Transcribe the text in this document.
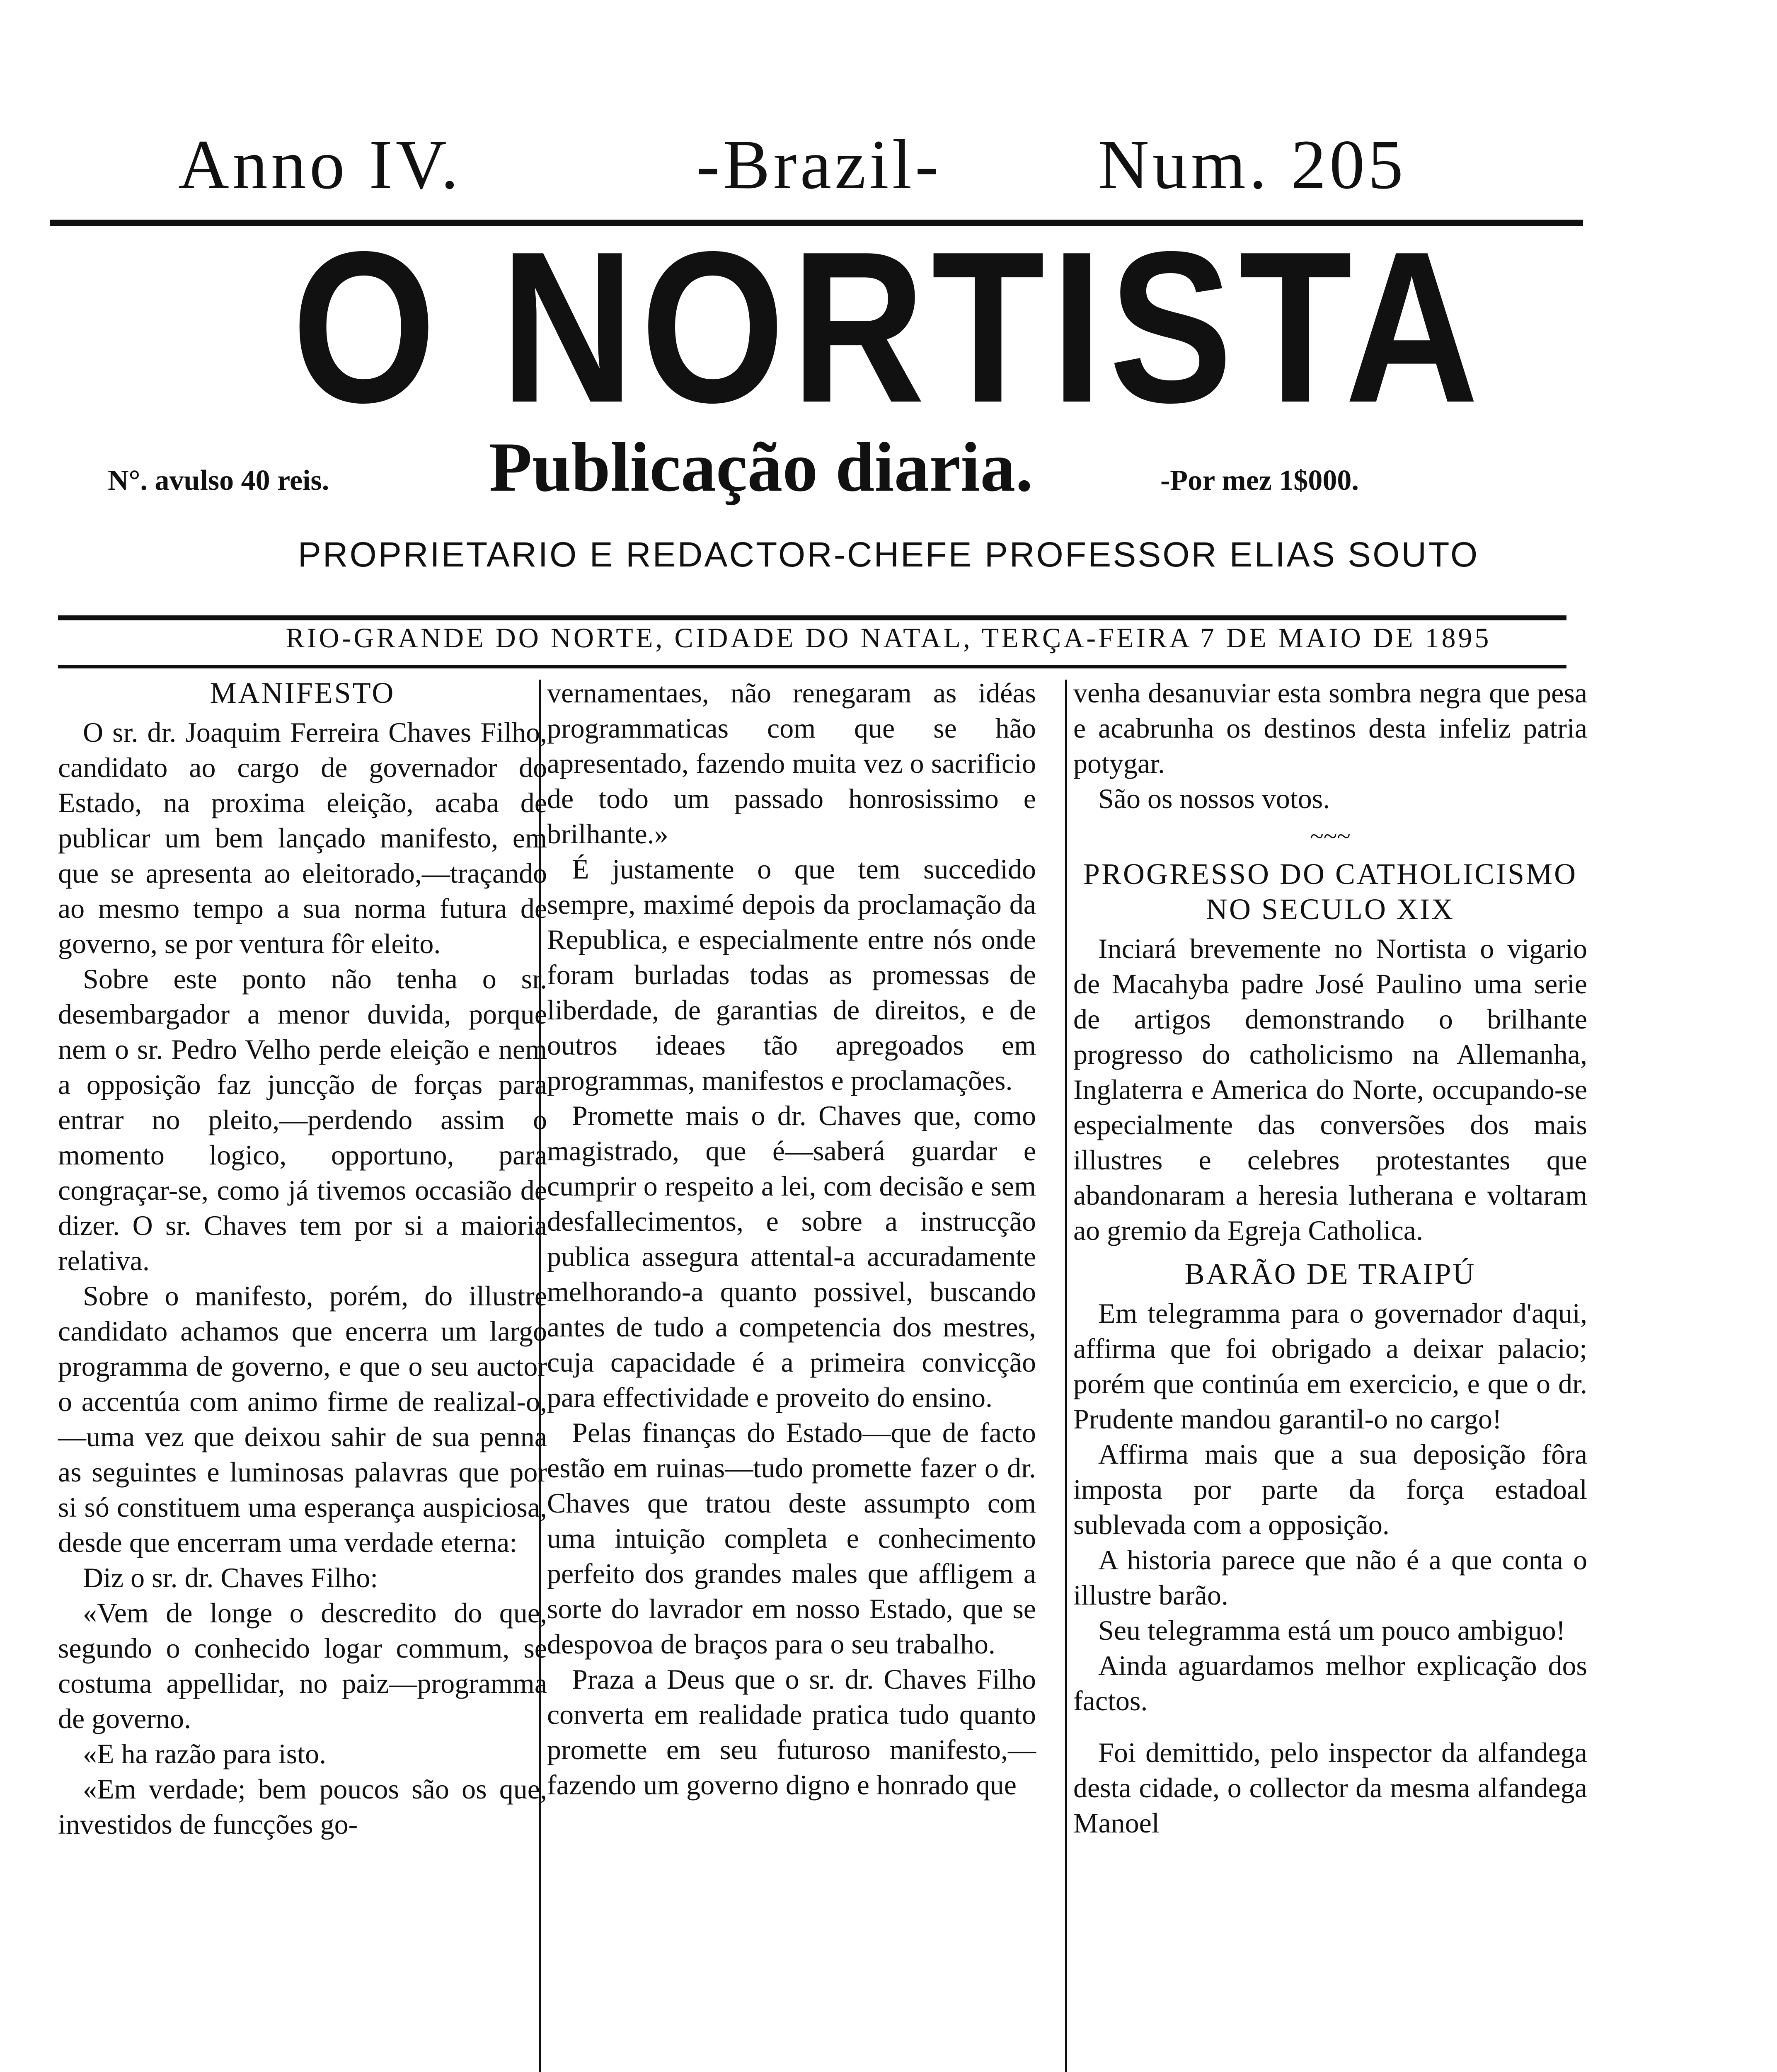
Anno IV.	-Brazil- Num. 205
O NORTISTA
N°. avulso 40 reis. Publicação diaria.	-Por mez 1$000.
PROPRIETARIO E REDACTOR-CHEFE PROFESSOR ELIAS SOUTO
RIO-GRANDE DO NORTE, CIDADE DO NATAL, TERÇA-FEIRA 7 DE MAIO DE 1895
MANIFESTO

O sr. dr. Joaquim Ferreira Chaves Filho, candidato ao cargo de governador do Estado, na proxima eleição, acaba de publicar um bem lançado manifesto, em que se apresenta ao eleitorado,—traçando ao mesmo tempo a sua norma futura de governo, se por ventura fôr eleito.

Sobre este ponto não tenha o sr. desembargador a menor duvida, porque nem o sr. Pedro Velho perde eleição e nem a opposição faz juncção de forças para entrar no pleito,—perdendo assim o momento logico, opportuno, para congraçar-se, como já tivemos occasião de dizer. O sr. Chaves tem por si a maioria relativa.

Sobre o manifesto, porém, do illustre candidato achamos que encerra um largo programma de governo, e que o seu auctor o accentúa com animo firme de realizal-o,—uma vez que deixou sahir de sua penna as seguintes e luminosas palavras que por si só constituem uma esperança auspiciosa, desde que encerram uma verdade eterna:

Diz o sr. dr. Chaves Filho:

«Vem de longe o descredito do que, segundo o conhecido logar commum, se costuma appellidar, no paiz—programma de governo.

«E ha razão para isto.

«Em verdade; bem poucos são os que, investidos de funcções go-

vernamentaes, não renegaram as idéas programmaticas com que se hão apresentado, fazendo muita vez o sacrificio de todo um passado honrosissimo e brilhante.»

É justamente o que tem succedido sempre, maximé depois da proclamação da Republica, e especialmente entre nós onde foram burladas todas as promessas de liberdade, de garantias de direitos, e de outros ideaes tão apregoados em programmas, manifestos e proclamações.

Promette mais o dr. Chaves que, como magistrado, que é—saberá guardar e cumprir o respeito a lei, com decisão e sem desfallecimentos, e sobre a instrucção publica assegura attental-a accuradamente melhorando-a quanto possivel, buscando antes de tudo a competencia dos mestres, cuja capacidade é a primeira convicção para effectividade e proveito do ensino.

Pelas finanças do Estado—que de facto estão em ruinas—tudo promette fazer o dr. Chaves que tratou deste assumpto com uma intuição completa e conhecimento perfeito dos grandes males que affligem a sorte do lavrador em nosso Estado, que se despovoa de braços para o seu trabalho.

Praza a Deus que o sr. dr. Chaves Filho converta em realidade pratica tudo quanto promette em seu futuroso manifesto,—fazendo um governo digno e honrado que

venha desanuviar esta sombra negra que pesa e acabrunha os destinos desta infeliz patria potygar.

São os nossos votos.

~~~
PROGRESSO DO CATHOLICISMO NO SECULO XIX

Inciará brevemente no Nortista o vigario de Macahyba padre José Paulino uma serie de artigos demonstrando o brilhante progresso do catholicismo na Allemanha, Inglaterra e America do Norte, occupando-se especialmente das conversões dos mais illustres e celebres protestantes que abandonaram a heresia lutherana e voltaram ao gremio da Egreja Catholica.

BARÃO DE TRAIPÚ

Em telegramma para o governador d'aqui, affirma que foi obrigado a deixar palacio; porém que continúa em exercicio, e que o dr. Prudente mandou garantil-o no cargo!

Affirma mais que a sua deposição fôra imposta por parte da força estadoal sublevada com a opposição.

A historia parece que não é a que conta o illustre barão.

Seu telegramma está um pouco ambiguo!

Ainda aguardamos melhor explicação dos factos.

Foi demittido, pelo inspector da alfandega desta cidade, o collector da mesma alfandega Manoel
